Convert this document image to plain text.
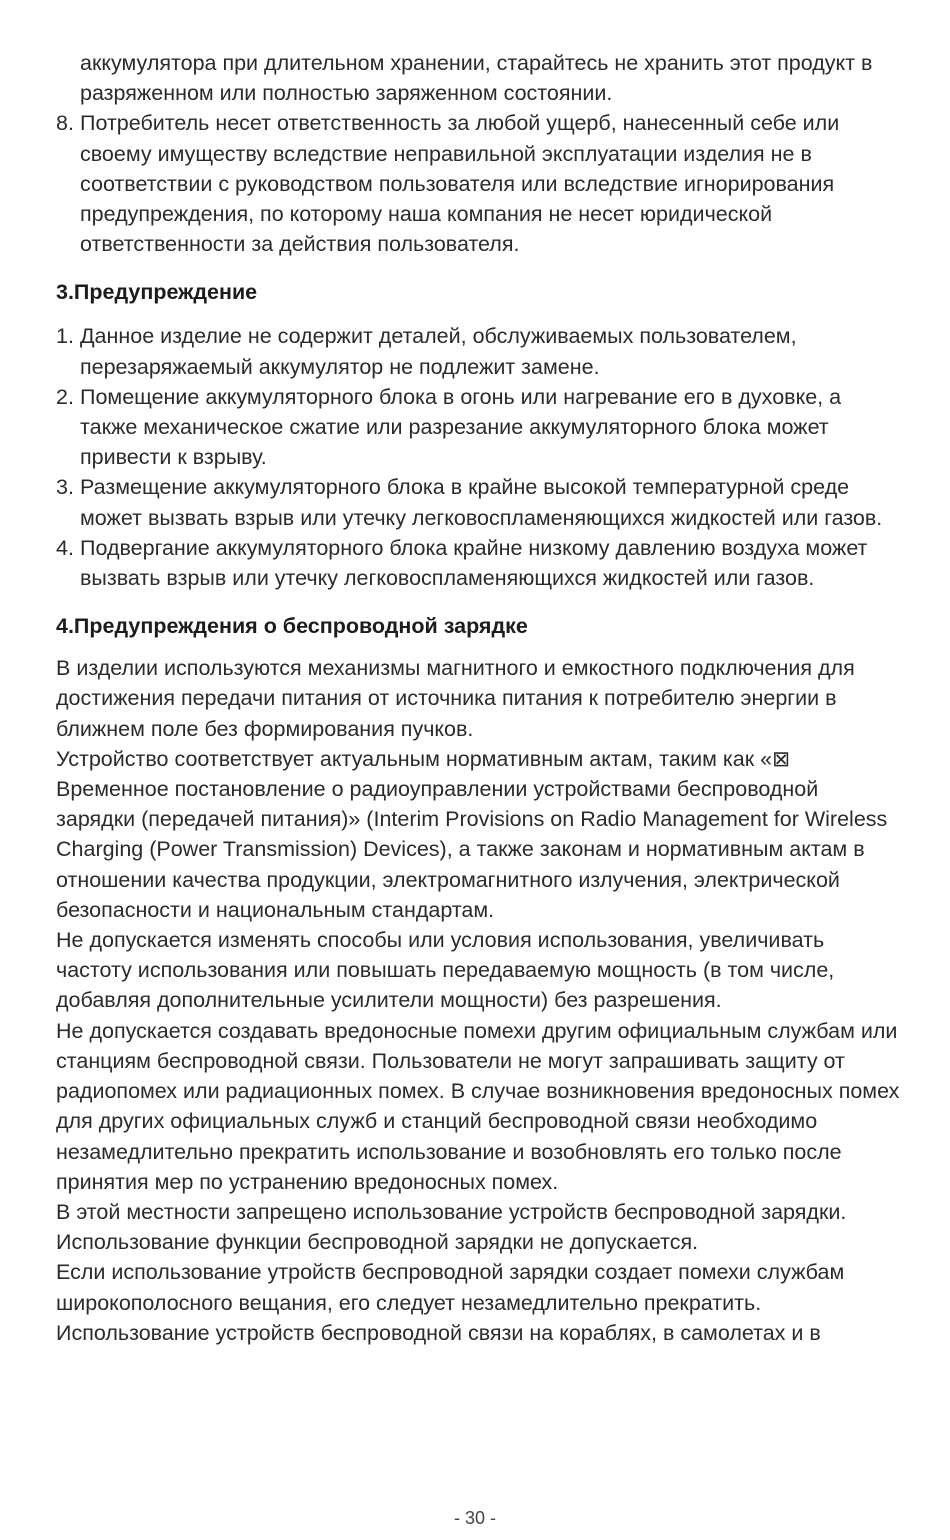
аккумулятора при длительном хранении, старайтесь не хранить этот продукт в разряженном или полностью заряженном состоянии.
8. Потребитель несет ответственность за любой ущерб, нанесенный себе или своему имуществу вследствие неправильной эксплуатации изделия не в соответствии с руководством пользователя или вследствие игнорирования предупреждения, по которому наша компания не несет юридической ответственности за действия пользователя.
3.Предупреждение
1. Данное изделие не содержит деталей, обслуживаемых пользователем, перезаряжаемый аккумулятор не подлежит замене.
2. Помещение аккумуляторного блока в огонь или нагревание его в духовке, а также механическое сжатие или разрезание аккумуляторного блока может привести к взрыву.
3. Размещение аккумуляторного блока в крайне высокой температурной среде может вызвать взрыв или утечку легковоспламеняющихся жидкостей или газов.
4. Подвергание аккумуляторного блока крайне низкому давлению воздуха может вызвать взрыв или утечку легковоспламеняющихся жидкостей или газов.
4.Предупреждения о беспроводной зарядке

В изделии используются механизмы магнитного и емкостного подключения для достижения передачи питания от источника питания к потребителю энергии в ближнем поле без формирования пучков.

Устройство соответствует актуальным нормативным актам, таким как «⊠ Временное постановление о радиоуправлении устройствами беспроводной зарядки (передачей питания)» (Interim Provisions on Radio Management for Wireless Charging (Power Transmission) Devices), а также законам и нормативным актам в отношении качества продукции, электромагнитного излучения, электрической безопасности и национальным стандартам.

Не допускается изменять способы или условия использования, увеличивать частоту использования или повышать передаваемую мощность (в том числе, добавляя дополнительные усилители мощности) без разрешения.

Не допускается создавать вредоносные помехи другим официальным службам или станциям беспроводной связи. Пользователи не могут запрашивать защиту от радиопомех или радиационных помех. В случае возникновения вредоносных помех для других официальных служб и станций беспроводной связи необходимо незамедлительно прекратить использование и возобновлять его только после принятия мер по устранению вредоносных помех.

В этой местности запрещено использование устройств беспроводной зарядки. Использование функции беспроводной зарядки не допускается.

Если использование утройств беспроводной зарядки создает помехи службам широкополосного вещания, его следует незамедлительно прекратить.

Использование устройств беспроводной связи на кораблях, в самолетах и в

- 30 -
